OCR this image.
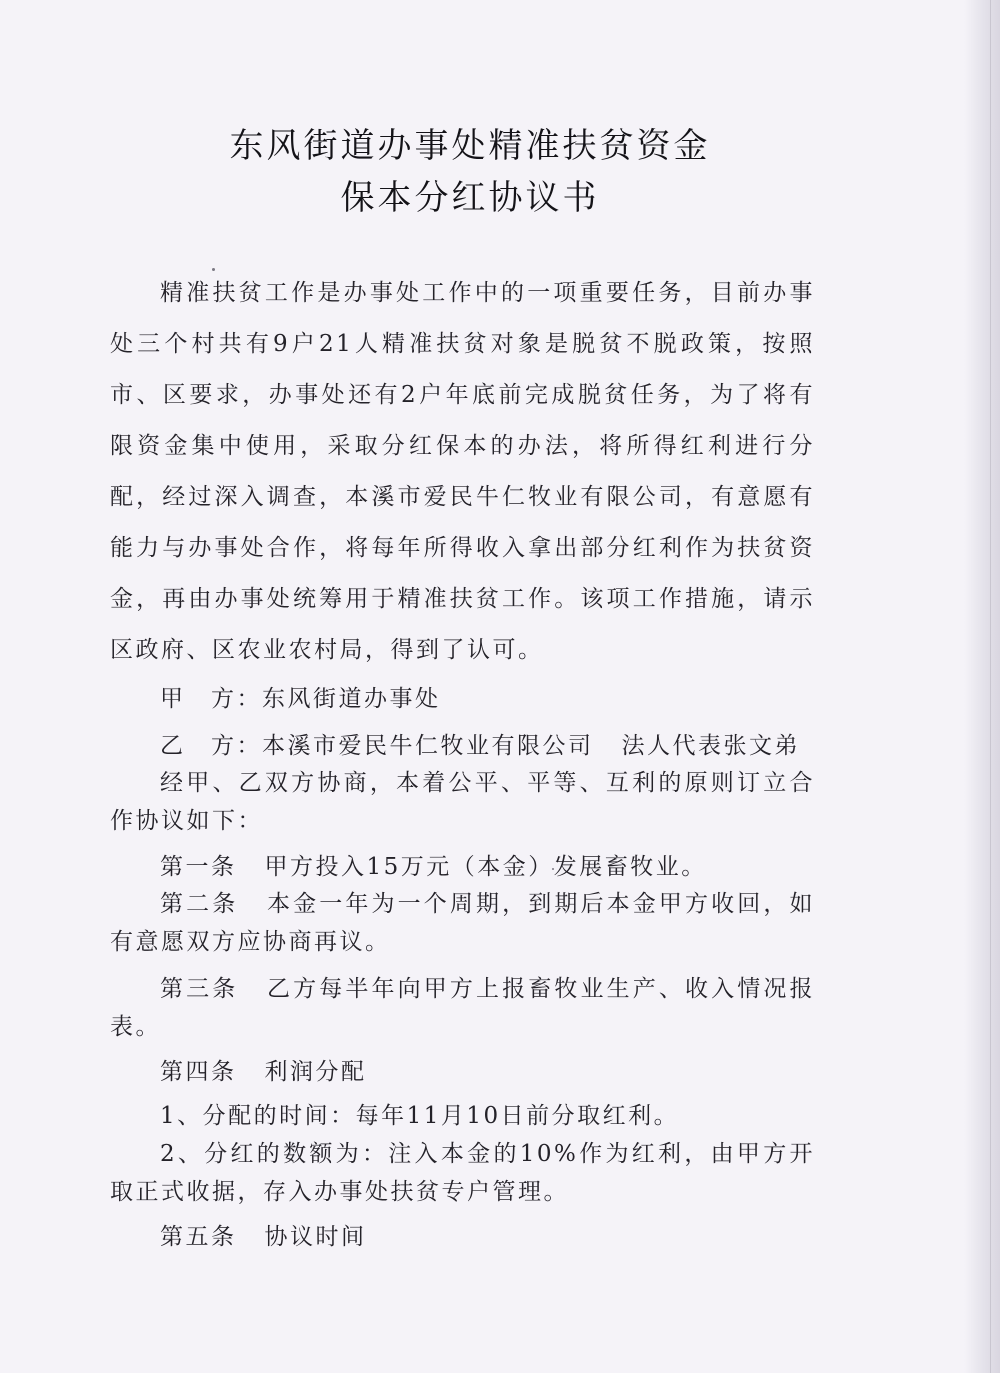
东风街道办事处精准扶贫资金
保本分红协议书

精准扶贫工作是办事处工作中的一项重要任务，目前办事处三个村共有9户21人精准扶贫对象是脱贫不脱政策，按照市、区要求，办事处还有2户年底前完成脱贫任务，为了将有限资金集中使用，采取分红保本的办法，将所得红利进行分配，经过深入调查，本溪市爱民牛仁牧业有限公司，有意愿有能力与办事处合作，将每年所得收入拿出部分红利作为扶贫资金，再由办事处统筹用于精准扶贫工作。该项工作措施，请示区政府、区农业农村局，得到了认可。

甲　方：东风街道办事处
乙　方：本溪市爱民牛仁牧业有限公司 法人代表张文弟

经甲、乙双方协商，本着公平、平等、互利的原则订立合作协议如下：

第一条 甲方投入15万元（本金）发展畜牧业。
第二条 本金一年为一个周期，到期后本金甲方收回，如有意愿双方应协商再议。
第三条 乙方每半年向甲方上报畜牧业生产、收入情况报表。
第四条 利润分配
1、分配的时间：每年11月10日前分取红利。

2、分红的数额为：注入本金的10%作为红利，由甲方开取正式收据，存入办事处扶贫专户管理。

第五条 协议时间
